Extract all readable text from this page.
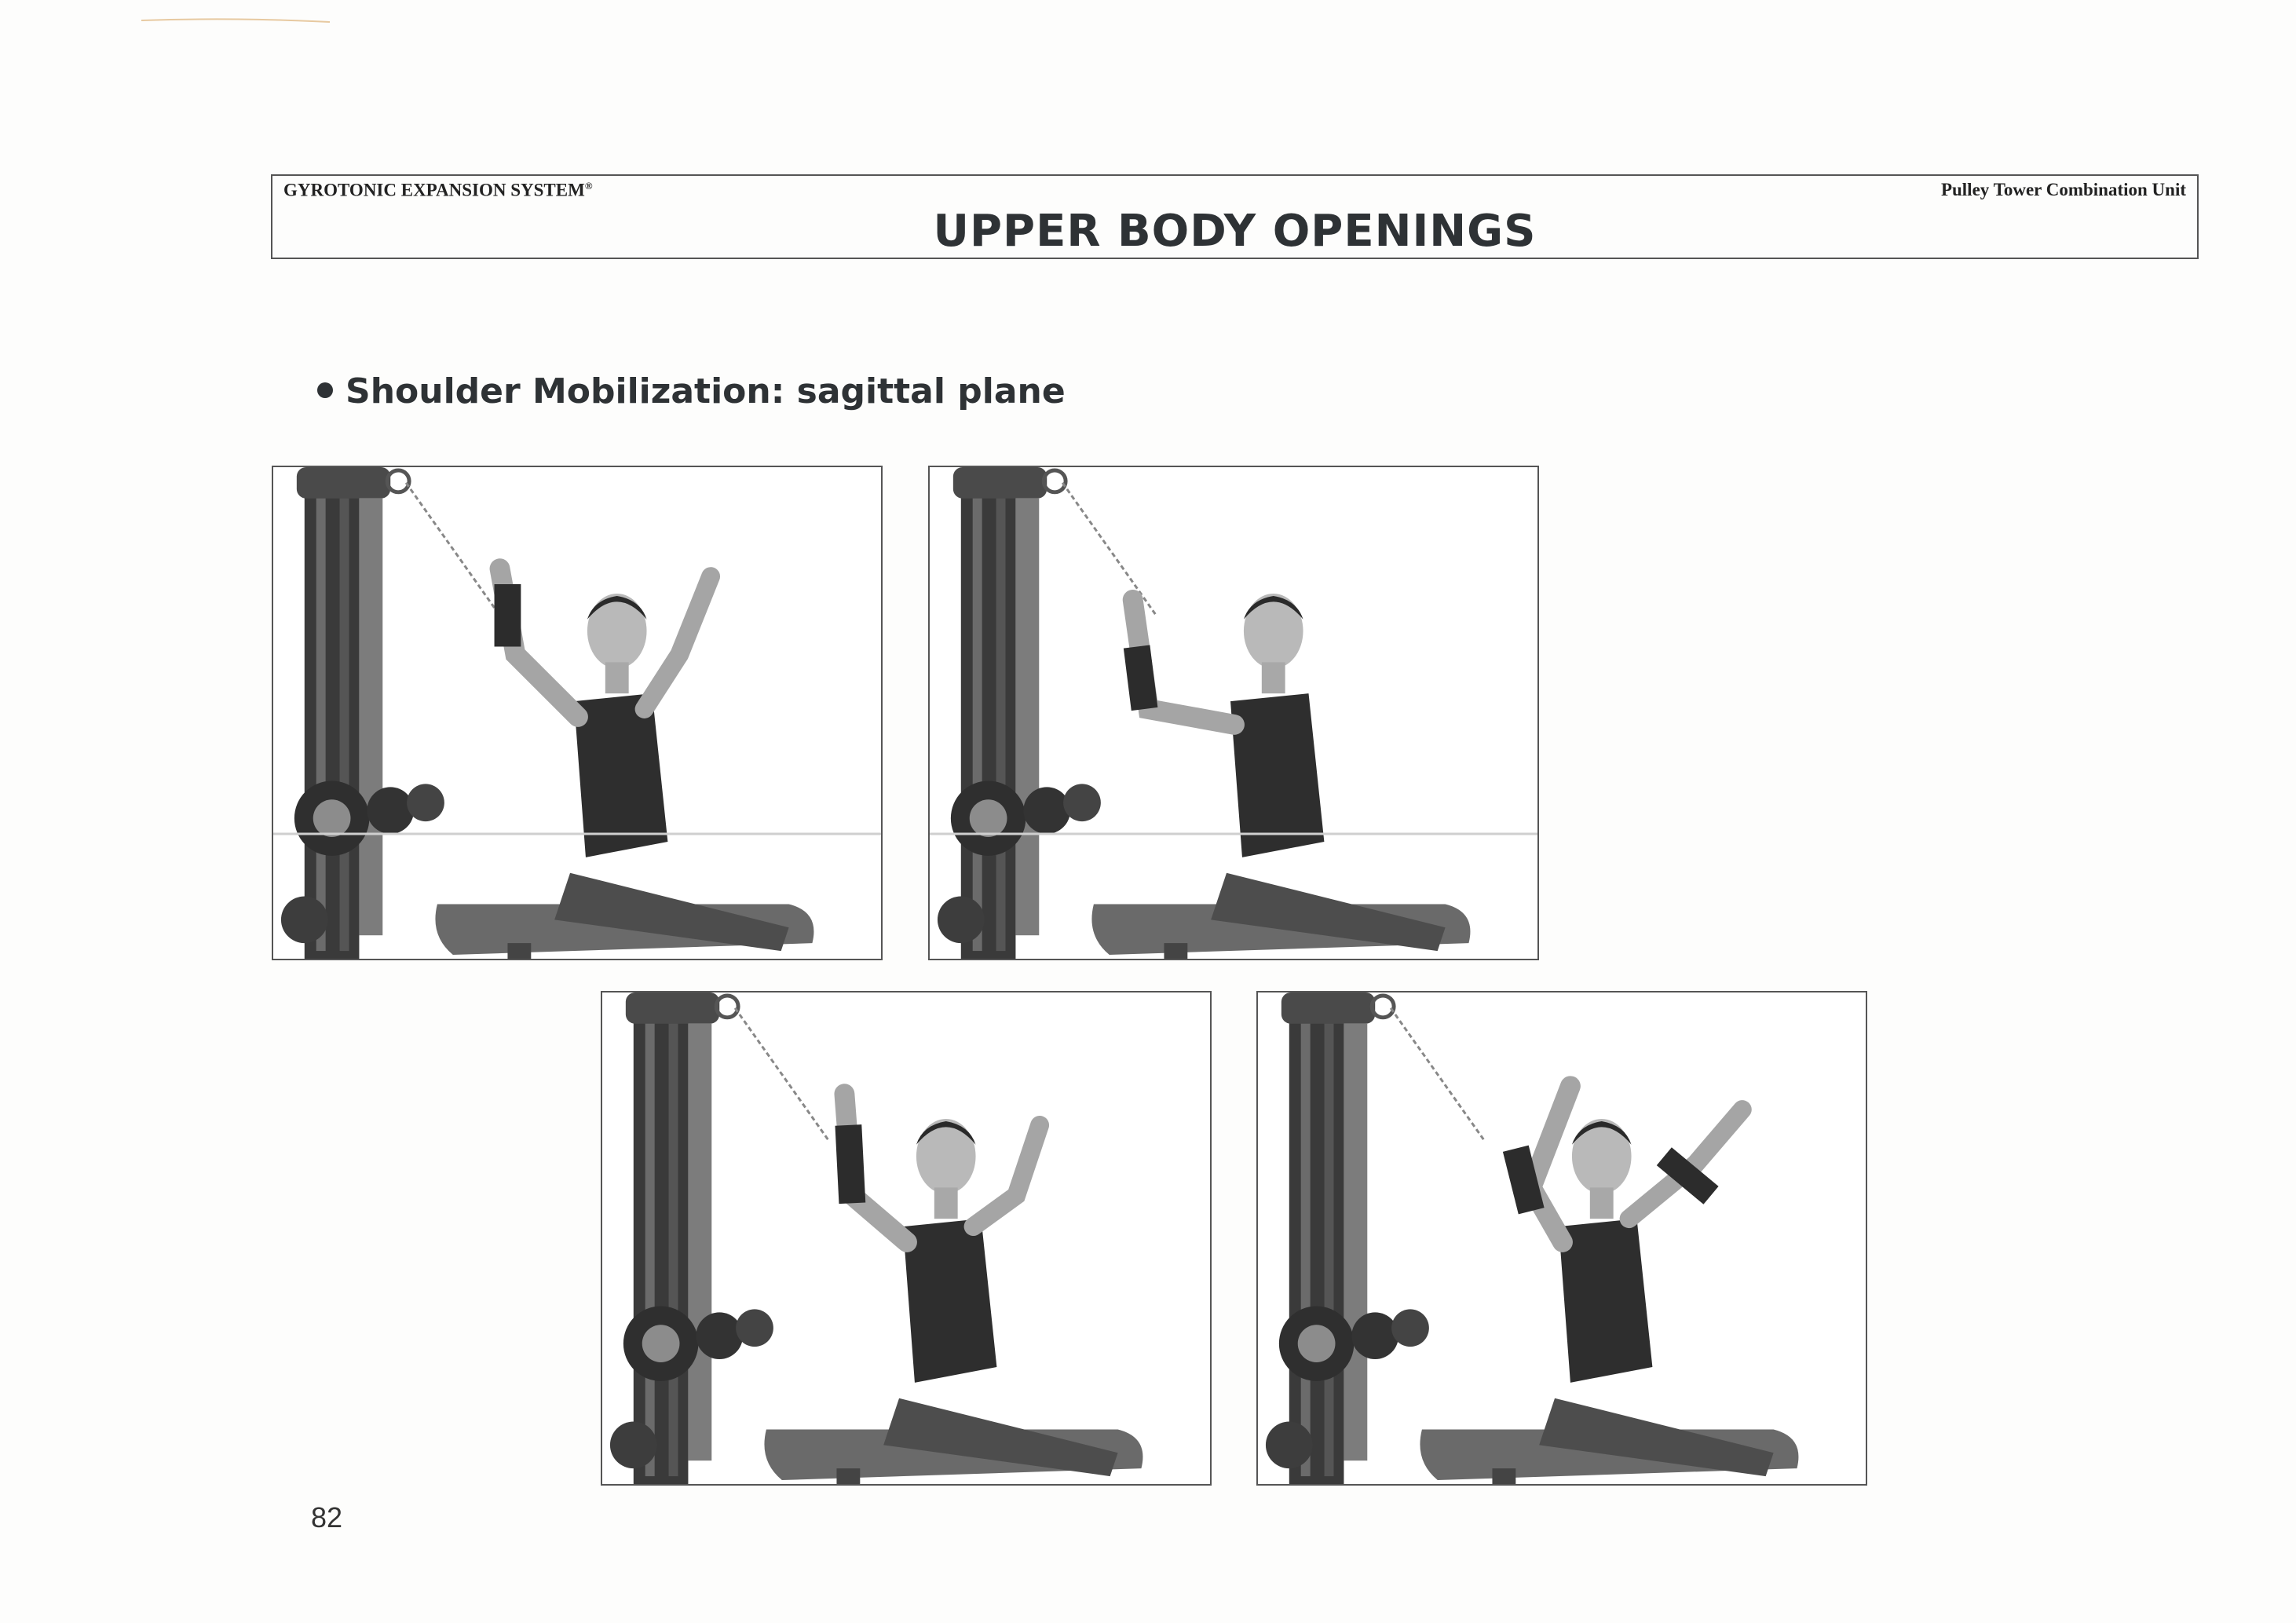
GYROTONIC EXPANSION SYSTEM®	Pulley Tower Combination Unit
UPPER BODY OPENINGS
Shoulder Mobilization: sagittal plane
82
